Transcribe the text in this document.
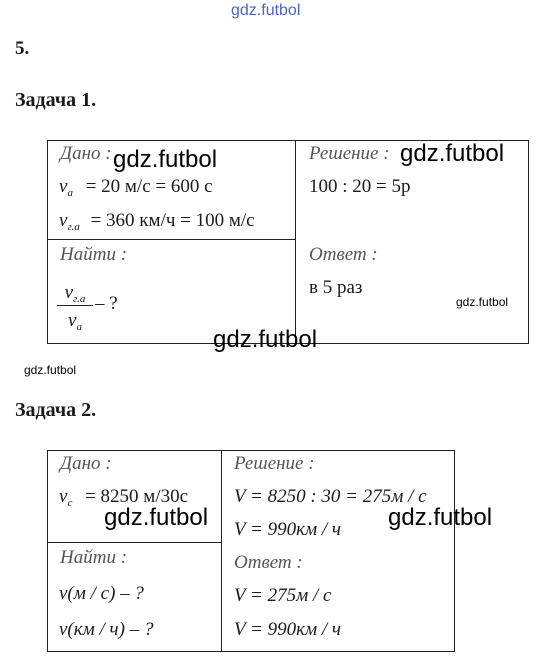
gdz.futbol
5.
Задача 1.
Дано :
$v_a = 20$ м/с = 600 с
$v_{г.а} = 360$ км/ч = 100 м/с
Найти :
$v_{г.а}$
$v_a$
– ?
Решение :
100 : 20 = 5р
Ответ :
в 5 раз
gdz.futbol	gdz.futbol
gdz.futbol
gdz.futbol
gdz.futbol
Задача 2.
Дано :
$v_c = 8250$ м/30с
Найти :
v(м / с) – ?
v(км / ч) – ?
Решение :
V = 8250 : 30 = 275м / с
V = 990км / ч
Ответ :
V = 275м / с
V = 990км / ч
gdz.futbol	gdz.futbol
